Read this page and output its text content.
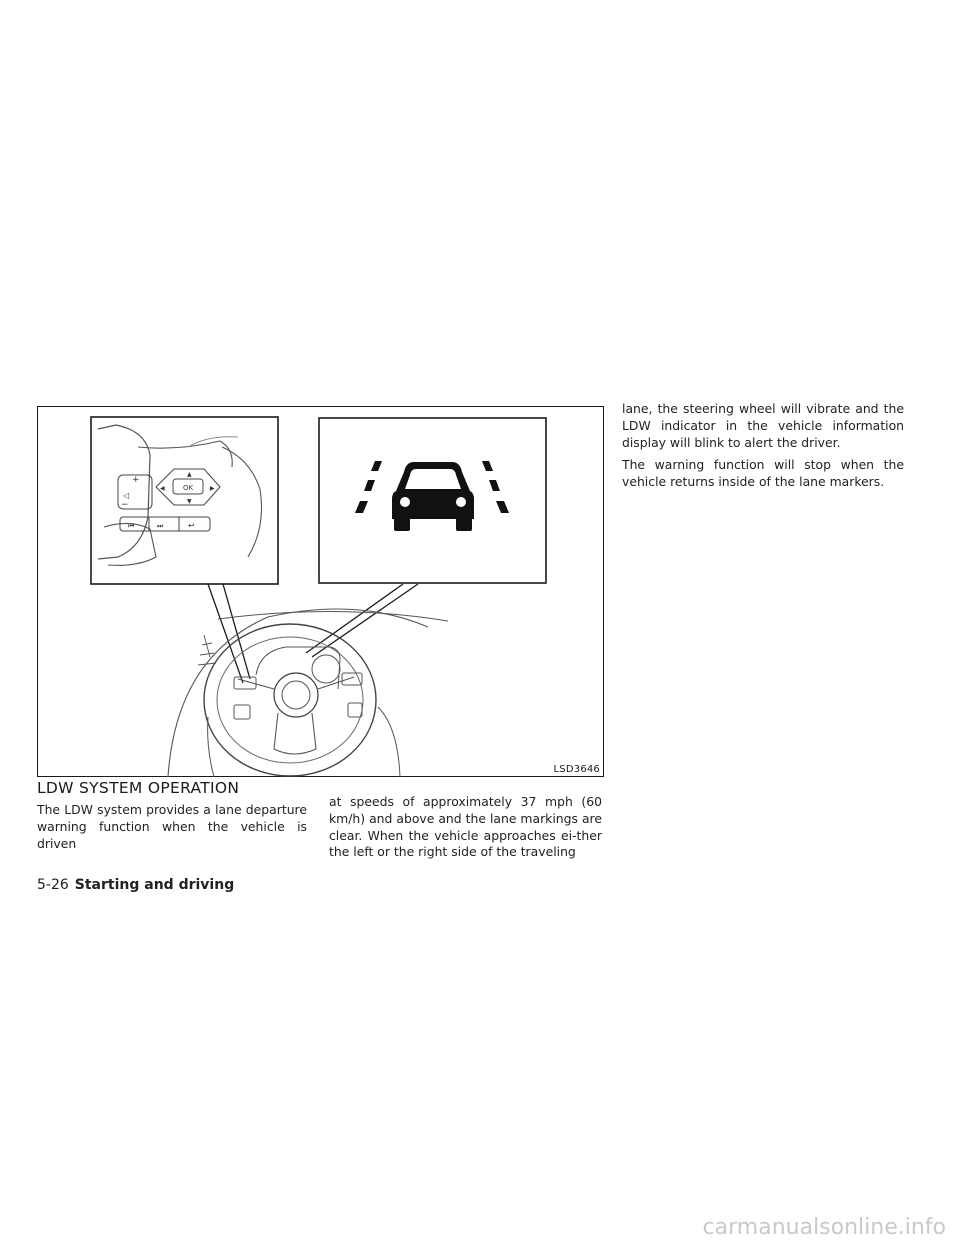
+
◁
−
OK
▲
▼
◀	▶
⏮	⏭	↩
LSD3646
LDW SYSTEM OPERATION

The LDW system provides a lane departure warning function when the vehicle is driven

at speeds of approximately 37 mph (60 km/h) and above and the lane markings are clear. When the vehicle approaches ei-ther the left or the right side of the traveling

lane, the steering wheel will vibrate and the LDW indicator in the vehicle information display will blink to alert the driver.

The warning function will stop when the vehicle returns inside of the lane markers.

5-26 Starting and driving
carmanualsonline.info
